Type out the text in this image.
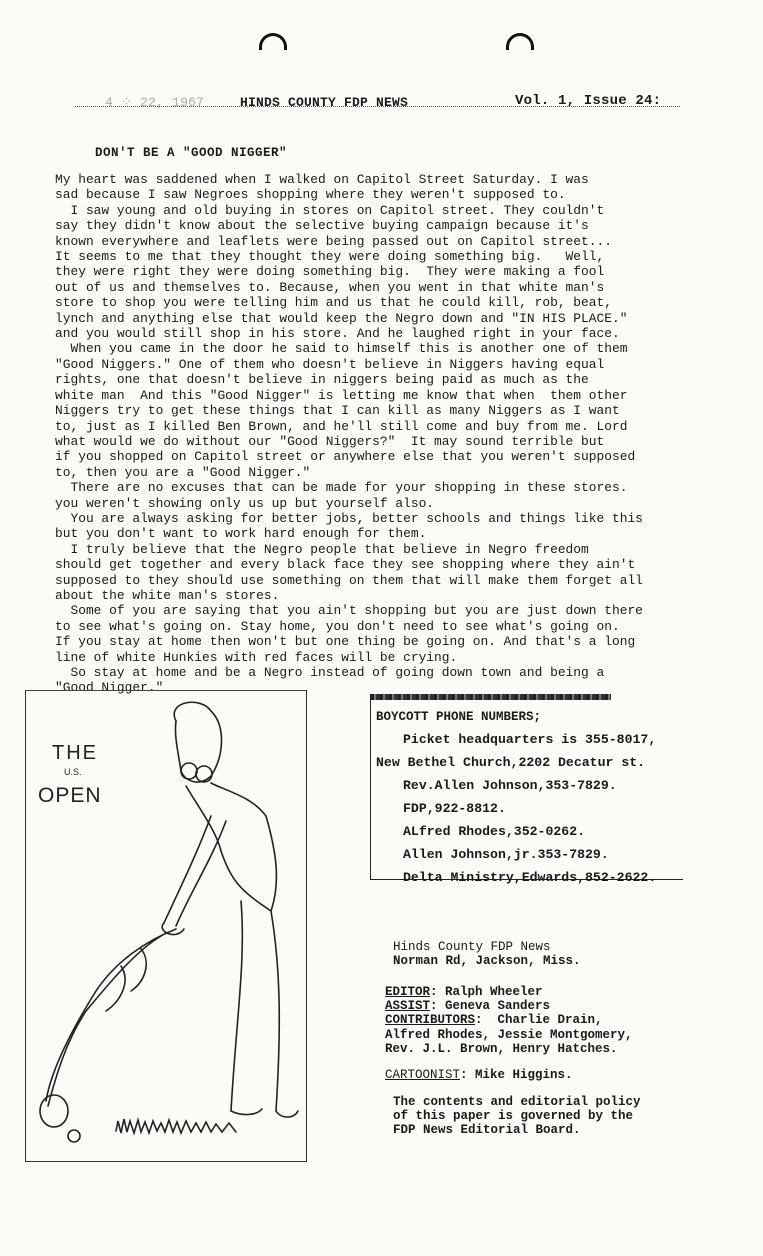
4 ⁘ 22, 1967	HINDS COUNTY FDP NEWS	Vol. 1, Issue 24:
DON'T BE A "GOOD NIGGER"
My heart was saddened when I walked on Capitol Street Saturday. I was
sad because I saw Negroes shopping where they weren't supposed to.
I saw young and old buying in stores on Capitol street. They couldn't
say they didn't know about the selective buying campaign because it's
known everywhere and leaflets were being passed out on Capitol street...
It seems to me that they thought they were doing something big.   Well,
they were right they were doing something big.  They were making a fool
out of us and themselves to. Because, when you went in that white man's
store to shop you were telling him and us that he could kill, rob, beat,
lynch and anything else that would keep the Negro down and "IN HIS PLACE."
and you would still shop in his store. And he laughed right in your face.
When you came in the door he said to himself this is another one of them
"Good Niggers." One of them who doesn't believe in Niggers having equal
rights, one that doesn't believe in niggers being paid as much as the
white man  And this "Good Nigger" is letting me know that when  them other
Niggers try to get these things that I can kill as many Niggers as I want
to, just as I killed Ben Brown, and he'll still come and buy from me. Lord
what would we do without our "Good Niggers?"  It may sound terrible but
if you shopped on Capitol street or anywhere else that you weren't supposed
to, then you are a "Good Nigger."
There are no excuses that can be made for your shopping in these stores.
you weren't showing only us up but yourself also.
You are always asking for better jobs, better schools and things like this
but you don't want to work hard enough for them.
I truly believe that the Negro people that believe in Negro freedom
should get together and every black face they see shopping where they ain't
supposed to they should use something on them that will make them forget all
about the white man's stores.
Some of you are saying that you ain't shopping but you are just down there
to see what's going on. Stay home, you don't need to see what's going on.
If you stay at home then won't but one thing be going on. And that's a long
line of white Hunkies with red faces will be crying.
So stay at home and be a Negro instead of going down town and being a
"Good Nigger."
THE
U.S.
OPEN
BOYCOTT PHONE NUMBERS;
Picket headquarters is 355-8017,
New Bethel Church,2202 Decatur st.
Rev.Allen Johnson,353-7829.
FDP,922-8812.
ALfred Rhodes,352-0262.
Allen Johnson,jr.353-7829.
Delta Ministry,Edwards,852-2622.
Hinds County FDP News
Norman Rd, Jackson, Miss.
EDITOR: Ralph Wheeler
ASSIST: Geneva Sanders
CONTRIBUTORS:  Charlie Drain,
Alfred Rhodes, Jessie Montgomery,
Rev. J.L. Brown, Henry Hatches.
CARTOONIST: Mike Higgins.
The contents and editorial policy
of this paper is governed by the
FDP News Editorial Board.
